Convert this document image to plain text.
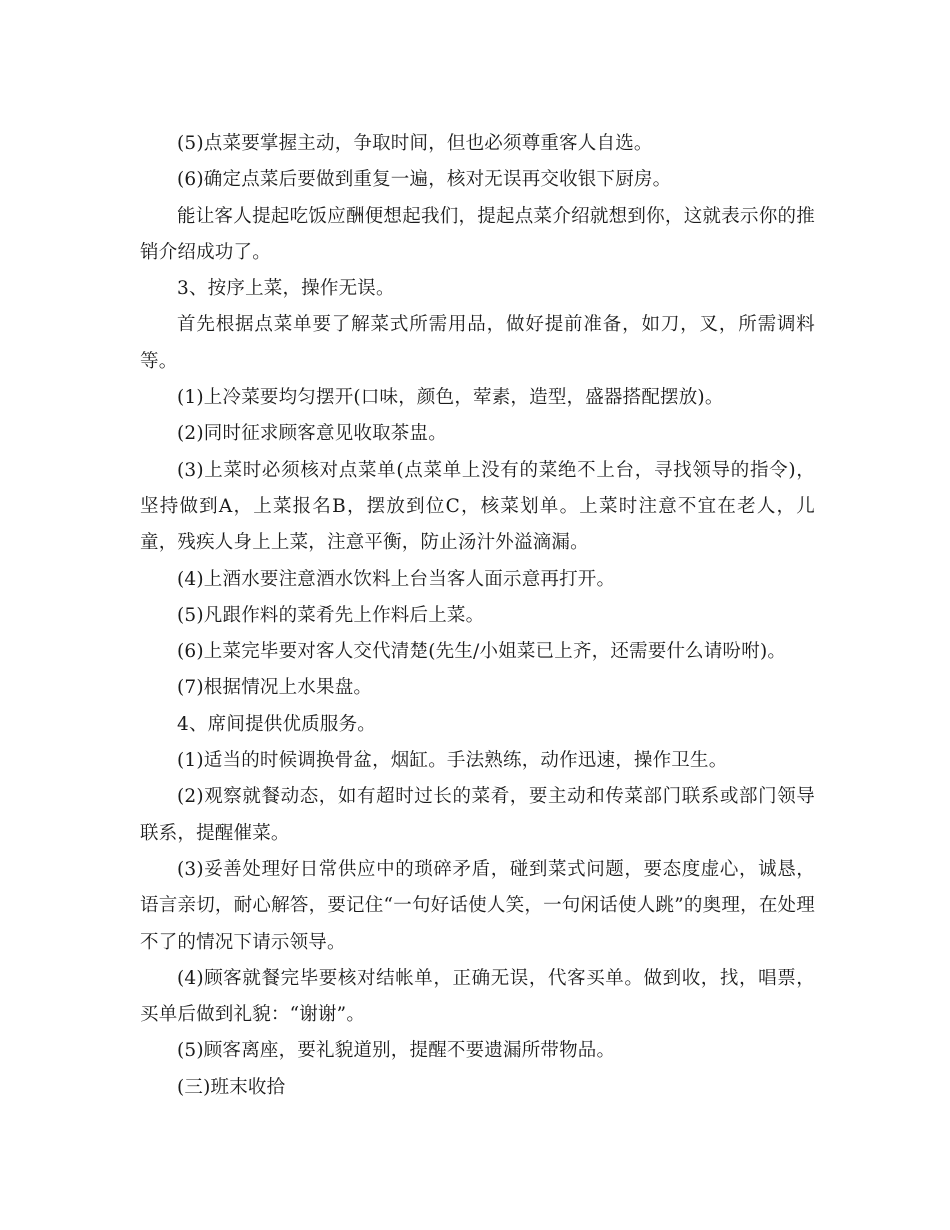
(5)点菜要掌握主动，争取时间，但也必须尊重客人自选。

(6)确定点菜后要做到重复一遍，核对无误再交收银下厨房。

能让客人提起吃饭应酬便想起我们，提起点菜介绍就想到你，这就表示你的推销介绍成功了。

3、按序上菜，操作无误。

首先根据点菜单要了解菜式所需用品，做好提前准备，如刀，叉，所需调料等。

(1)上冷菜要均匀摆开(口味，颜色，荤素，造型，盛器搭配摆放)。

(2)同时征求顾客意见收取茶盅。

(3)上菜时必须核对点菜单(点菜单上没有的菜绝不上台，寻找领导的指令)，坚持做到A，上菜报名B，摆放到位C，核菜划单。上菜时注意不宜在老人，儿童，残疾人身上上菜，注意平衡，防止汤汁外溢滴漏。

(4)上酒水要注意酒水饮料上台当客人面示意再打开。

(5)凡跟作料的菜肴先上作料后上菜。

(6)上菜完毕要对客人交代清楚(先生/小姐菜已上齐，还需要什么请吩咐)。

(7)根据情况上水果盘。

4、席间提供优质服务。

(1)适当的时候调换骨盆，烟缸。手法熟练，动作迅速，操作卫生。

(2)观察就餐动态，如有超时过长的菜肴，要主动和传菜部门联系或部门领导联系，提醒催菜。

(3)妥善处理好日常供应中的琐碎矛盾，碰到菜式问题，要态度虚心，诚恳，语言亲切，耐心解答，要记住“一句好话使人笑，一句闲话使人跳”的奥理，在处理不了的情况下请示领导。

(4)顾客就餐完毕要核对结帐单，正确无误，代客买单。做到收，找，唱票，买单后做到礼貌：“谢谢”。

(5)顾客离座，要礼貌道别，提醒不要遗漏所带物品。

(三)班末收拾
